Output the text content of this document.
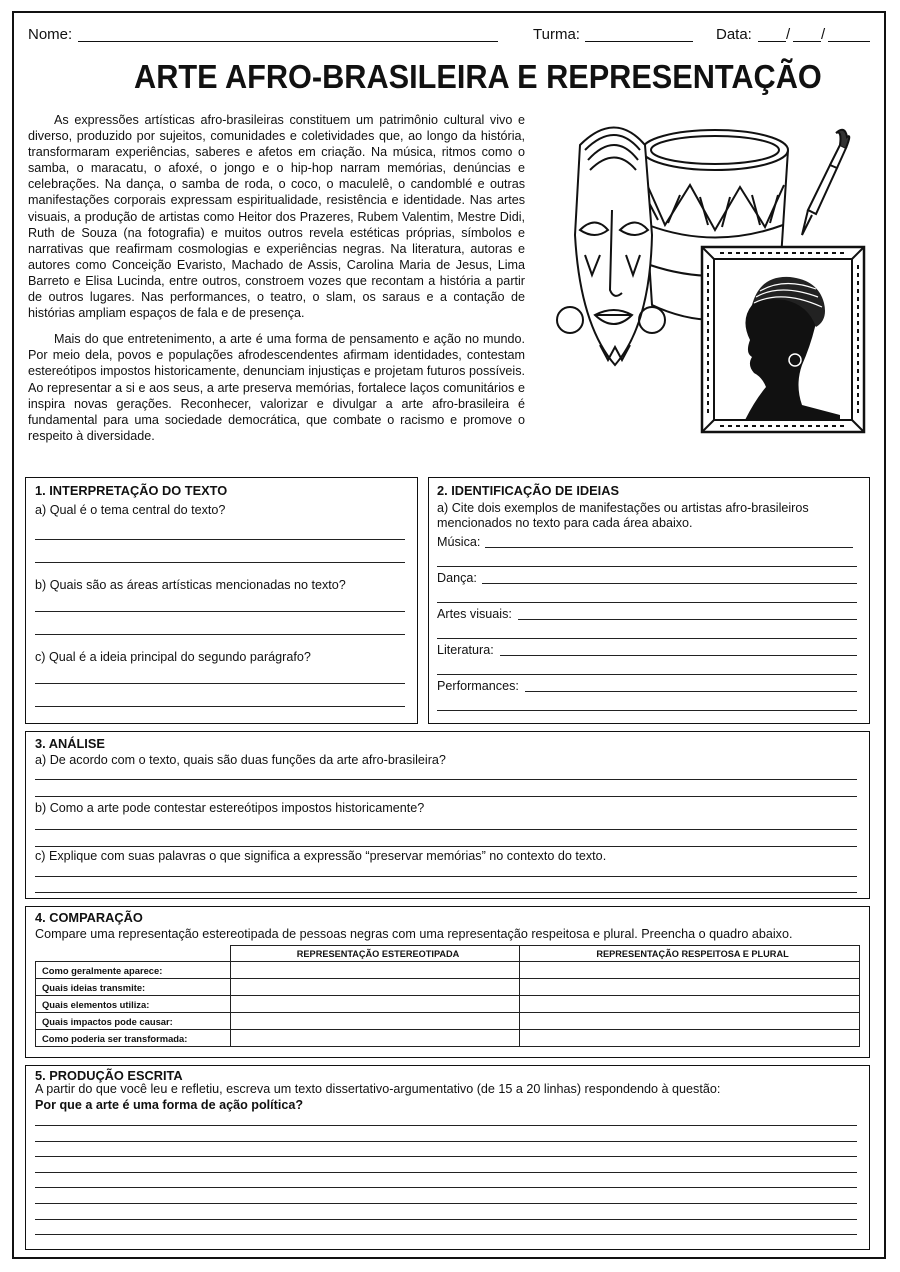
Nome:	Turma:	Data: / /
ARTE AFRO-BRASILEIRA E REPRESENTAÇÃO

As expressões artísticas afro-brasileiras constituem um patrimônio cultural vivo e diverso, produzido por sujeitos, comunidades e coletividades que, ao longo da história, transformaram experiências, saberes e afetos em criação. Na música, ritmos como o samba, o maracatu, o afoxé, o jongo e o hip-hop narram memórias, denúncias e celebrações. Na dança, o samba de roda, o coco, o maculelê, o candomblé e outras manifestações corporais expressam espiritualidade, resistência e identidade. Nas artes visuais, a produção de artistas como Heitor dos Prazeres, Rubem Valentim, Mestre Didi, Ruth de Souza (na fotografia) e muitos outros revela estéticas próprias, símbolos e narrativas que reafirmam cosmologias e experiências negras. Na literatura, autoras e autores como Conceição Evaristo, Machado de Assis, Carolina Maria de Jesus, Lima Barreto e Elisa Lucinda, entre outros, constroem vozes que recontam a história a partir de outros lugares. Nas performances, o teatro, o slam, os saraus e a contação de histórias ampliam espaços de fala e de presença.

Mais do que entretenimento, a arte é uma forma de pensamento e ação no mundo. Por meio dela, povos e populações afrodescendentes afirmam identidades, contestam estereótipos impostos historicamente, denunciam injustiças e projetam futuros possíveis. Ao representar a si e aos seus, a arte preserva memórias, fortalece laços comunitários e inspira novas gerações. Reconhecer, valorizar e divulgar a arte afro-brasileira é fundamental para uma sociedade democrática, que combate o racismo e promove o respeito à diversidade.

1. INTERPRETAÇÃO DO TEXTO
a) Qual é o tema central do texto?
b) Quais são as áreas artísticas mencionadas no texto?
c) Qual é a ideia principal do segundo parágrafo?
2. IDENTIFICAÇÃO DE IDEIAS
a) Cite dois exemplos de manifestações ou artistas afro-brasileiros
mencionados no texto para cada área abaixo.
Música:
Dança:
Artes visuais:
Literatura:
Performances:
3. ANÁLISE
a) De acordo com o texto, quais são duas funções da arte afro-brasileira?
b) Como a arte pode contestar estereótipos impostos historicamente?
c) Explique com suas palavras o que significa a expressão “preservar memórias” no contexto do texto.
4. COMPARAÇÃO
Compare uma representação estereotipada de pessoas negras com uma representação respeitosa e plural. Preencha o quadro abaixo.
	REPRESENTAÇÃO ESTEREOTIPADA	REPRESENTAÇÃO RESPEITOSA E PLURAL
Como geralmente aparece:		
Quais ideias transmite:		
Quais elementos utiliza:		
Quais impactos pode causar:		
Como poderia ser transformada:		
5. PRODUÇÃO ESCRITA
A partir do que você leu e refletiu, escreva um texto dissertativo-argumentativo (de 15 a 20 linhas) respondendo à questão:
Por que a arte é uma forma de ação política?
